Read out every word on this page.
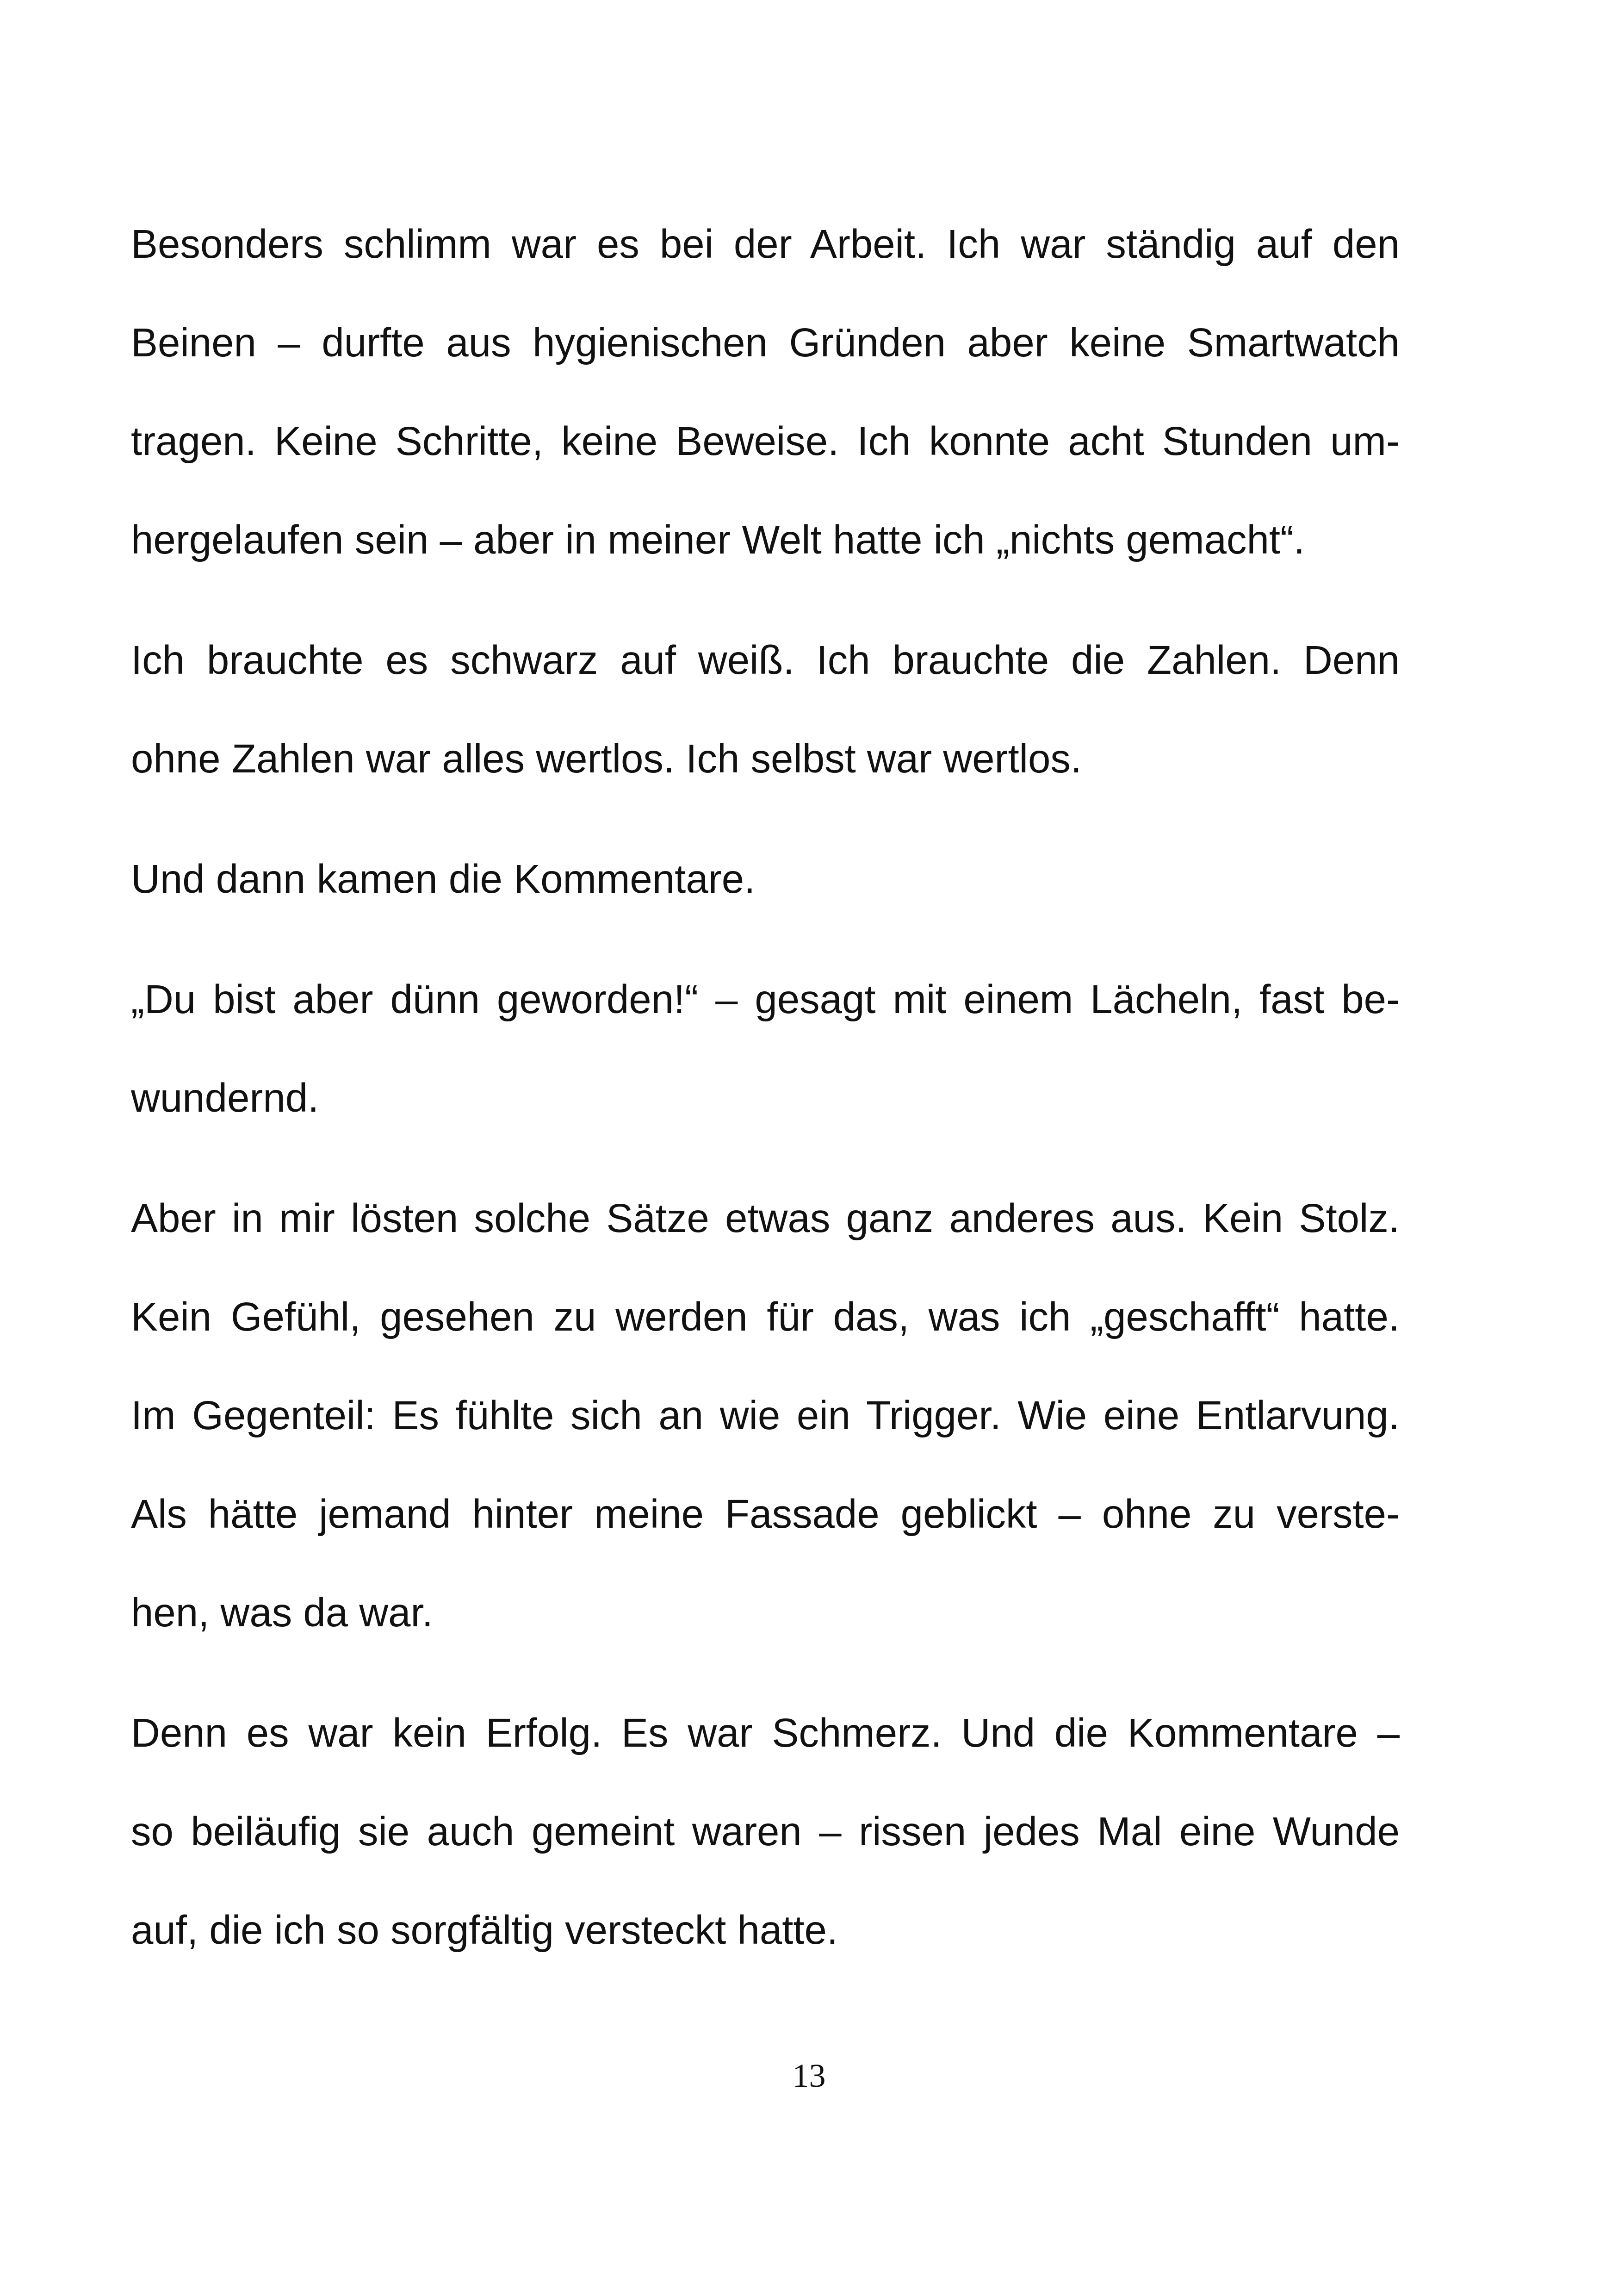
Besonders schlimm war es bei der Arbeit. Ich war ständig auf den
Beinen – durfte aus hygienischen Gründen aber keine Smartwatch
tragen. Keine Schritte, keine Beweise. Ich konnte acht Stunden um-
hergelaufen sein – aber in meiner Welt hatte ich „nichts gemacht“.
Ich brauchte es schwarz auf weiß. Ich brauchte die Zahlen. Denn
ohne Zahlen war alles wertlos. Ich selbst war wertlos.
Und dann kamen die Kommentare.
„Du bist aber dünn geworden!“ – gesagt mit einem Lächeln, fast be-
wundernd.
Aber in mir lösten solche Sätze etwas ganz anderes aus. Kein Stolz.
Kein Gefühl, gesehen zu werden für das, was ich „geschafft“ hatte.
Im Gegenteil: Es fühlte sich an wie ein Trigger. Wie eine Entlarvung.
Als hätte jemand hinter meine Fassade geblickt – ohne zu verste-
hen, was da war.
Denn es war kein Erfolg. Es war Schmerz. Und die Kommentare –
so beiläufig sie auch gemeint waren – rissen jedes Mal eine Wunde
auf, die ich so sorgfältig versteckt hatte.
13
